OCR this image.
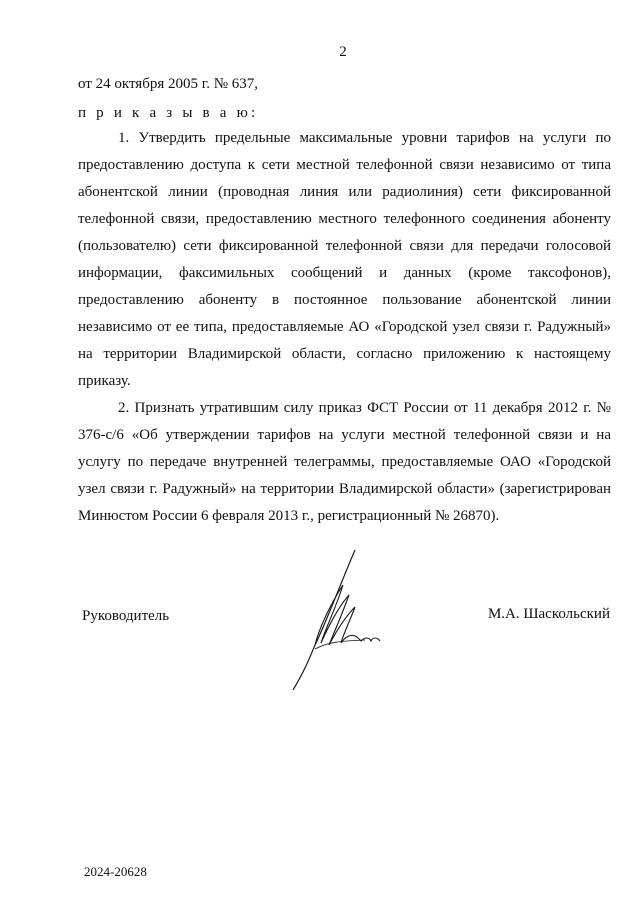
2
от 24 октября 2005 г. № 637,
п р и к а з ы в а ю:

1. Утвердить предельные максимальные уровни тарифов на услуги по предоставлению доступа к сети местной телефонной связи независимо от типа абонентской линии (проводная линия или радиолиния) сети фиксированной телефонной связи, предоставлению местного телефонного соединения абоненту (пользователю) сети фиксированной телефонной связи для передачи голосовой информации, факсимильных сообщений и данных (кроме таксофонов), предоставлению абоненту в постоянное пользование абонентской линии независимо от ее типа, предоставляемые АО «Городской узел связи г. Радужный» на территории Владимирской области, согласно приложению к настоящему приказу.

2. Признать утратившим силу приказ ФСТ России от 11 декабря 2012 г. № 376-с/6 «Об утверждении тарифов на услуги местной телефонной связи и на услугу по передаче внутренней телеграммы, предоставляемые ОАО «Городской узел связи г. Радужный» на территории Владимирской области» (зарегистрирован Минюстом России 6 февраля 2013 г., регистрационный № 26870).

Руководитель	М.А. Шаскольский
2024-20628
